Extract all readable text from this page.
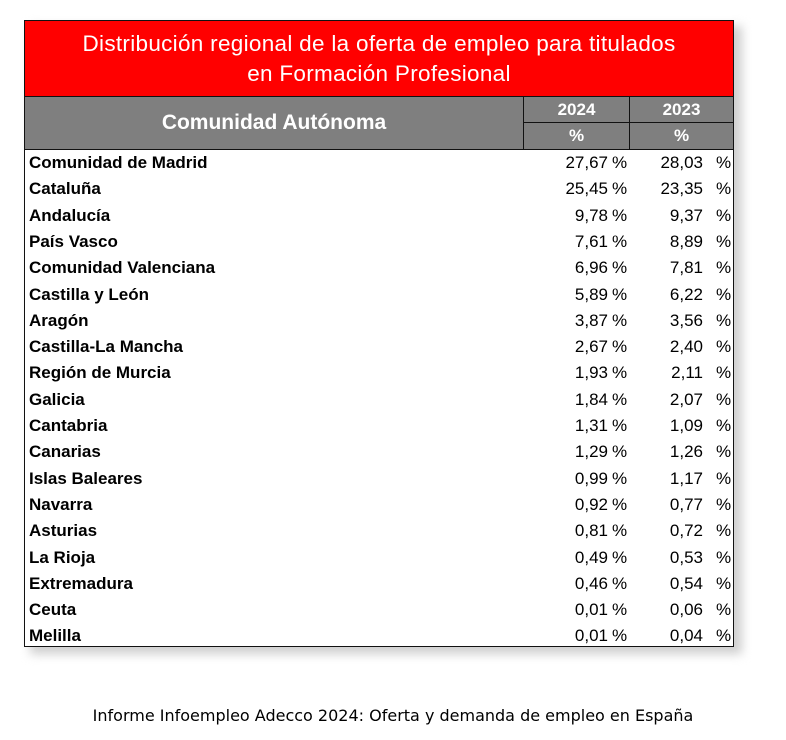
Distribución regional de la oferta de empleo para titulados
en Formación Profesional
Comunidad Autónoma
2024	2023
%	%
Comunidad de Madrid	27,67 % 28,03 %
Cataluña	25,45 % 23,35 %
Andalucía	9,78 %	9,37 %
País Vasco	7,61 %	8,89 %
Comunidad Valenciana	6,96 %	7,81 %
Castilla y León	5,89 %	6,22 %
Aragón	3,87 %	3,56 %
Castilla-La Mancha	2,67 %	2,40 %
Región de Murcia	1,93 %	2,11 %
Galicia	1,84 %	2,07 %
Cantabria	1,31 %	1,09 %
Canarias	1,29 %	1,26 %
Islas Baleares	0,99 %	1,17 %
Navarra	0,92 %	0,77 %
Asturias	0,81 %	0,72 %
La Rioja	0,49 %	0,53 %
Extremadura	0,46 %	0,54 %
Ceuta	0,01 %	0,06 %
Melilla	0,01 %	0,04 %
Informe Infoempleo Adecco 2024: Oferta y demanda de empleo en España
